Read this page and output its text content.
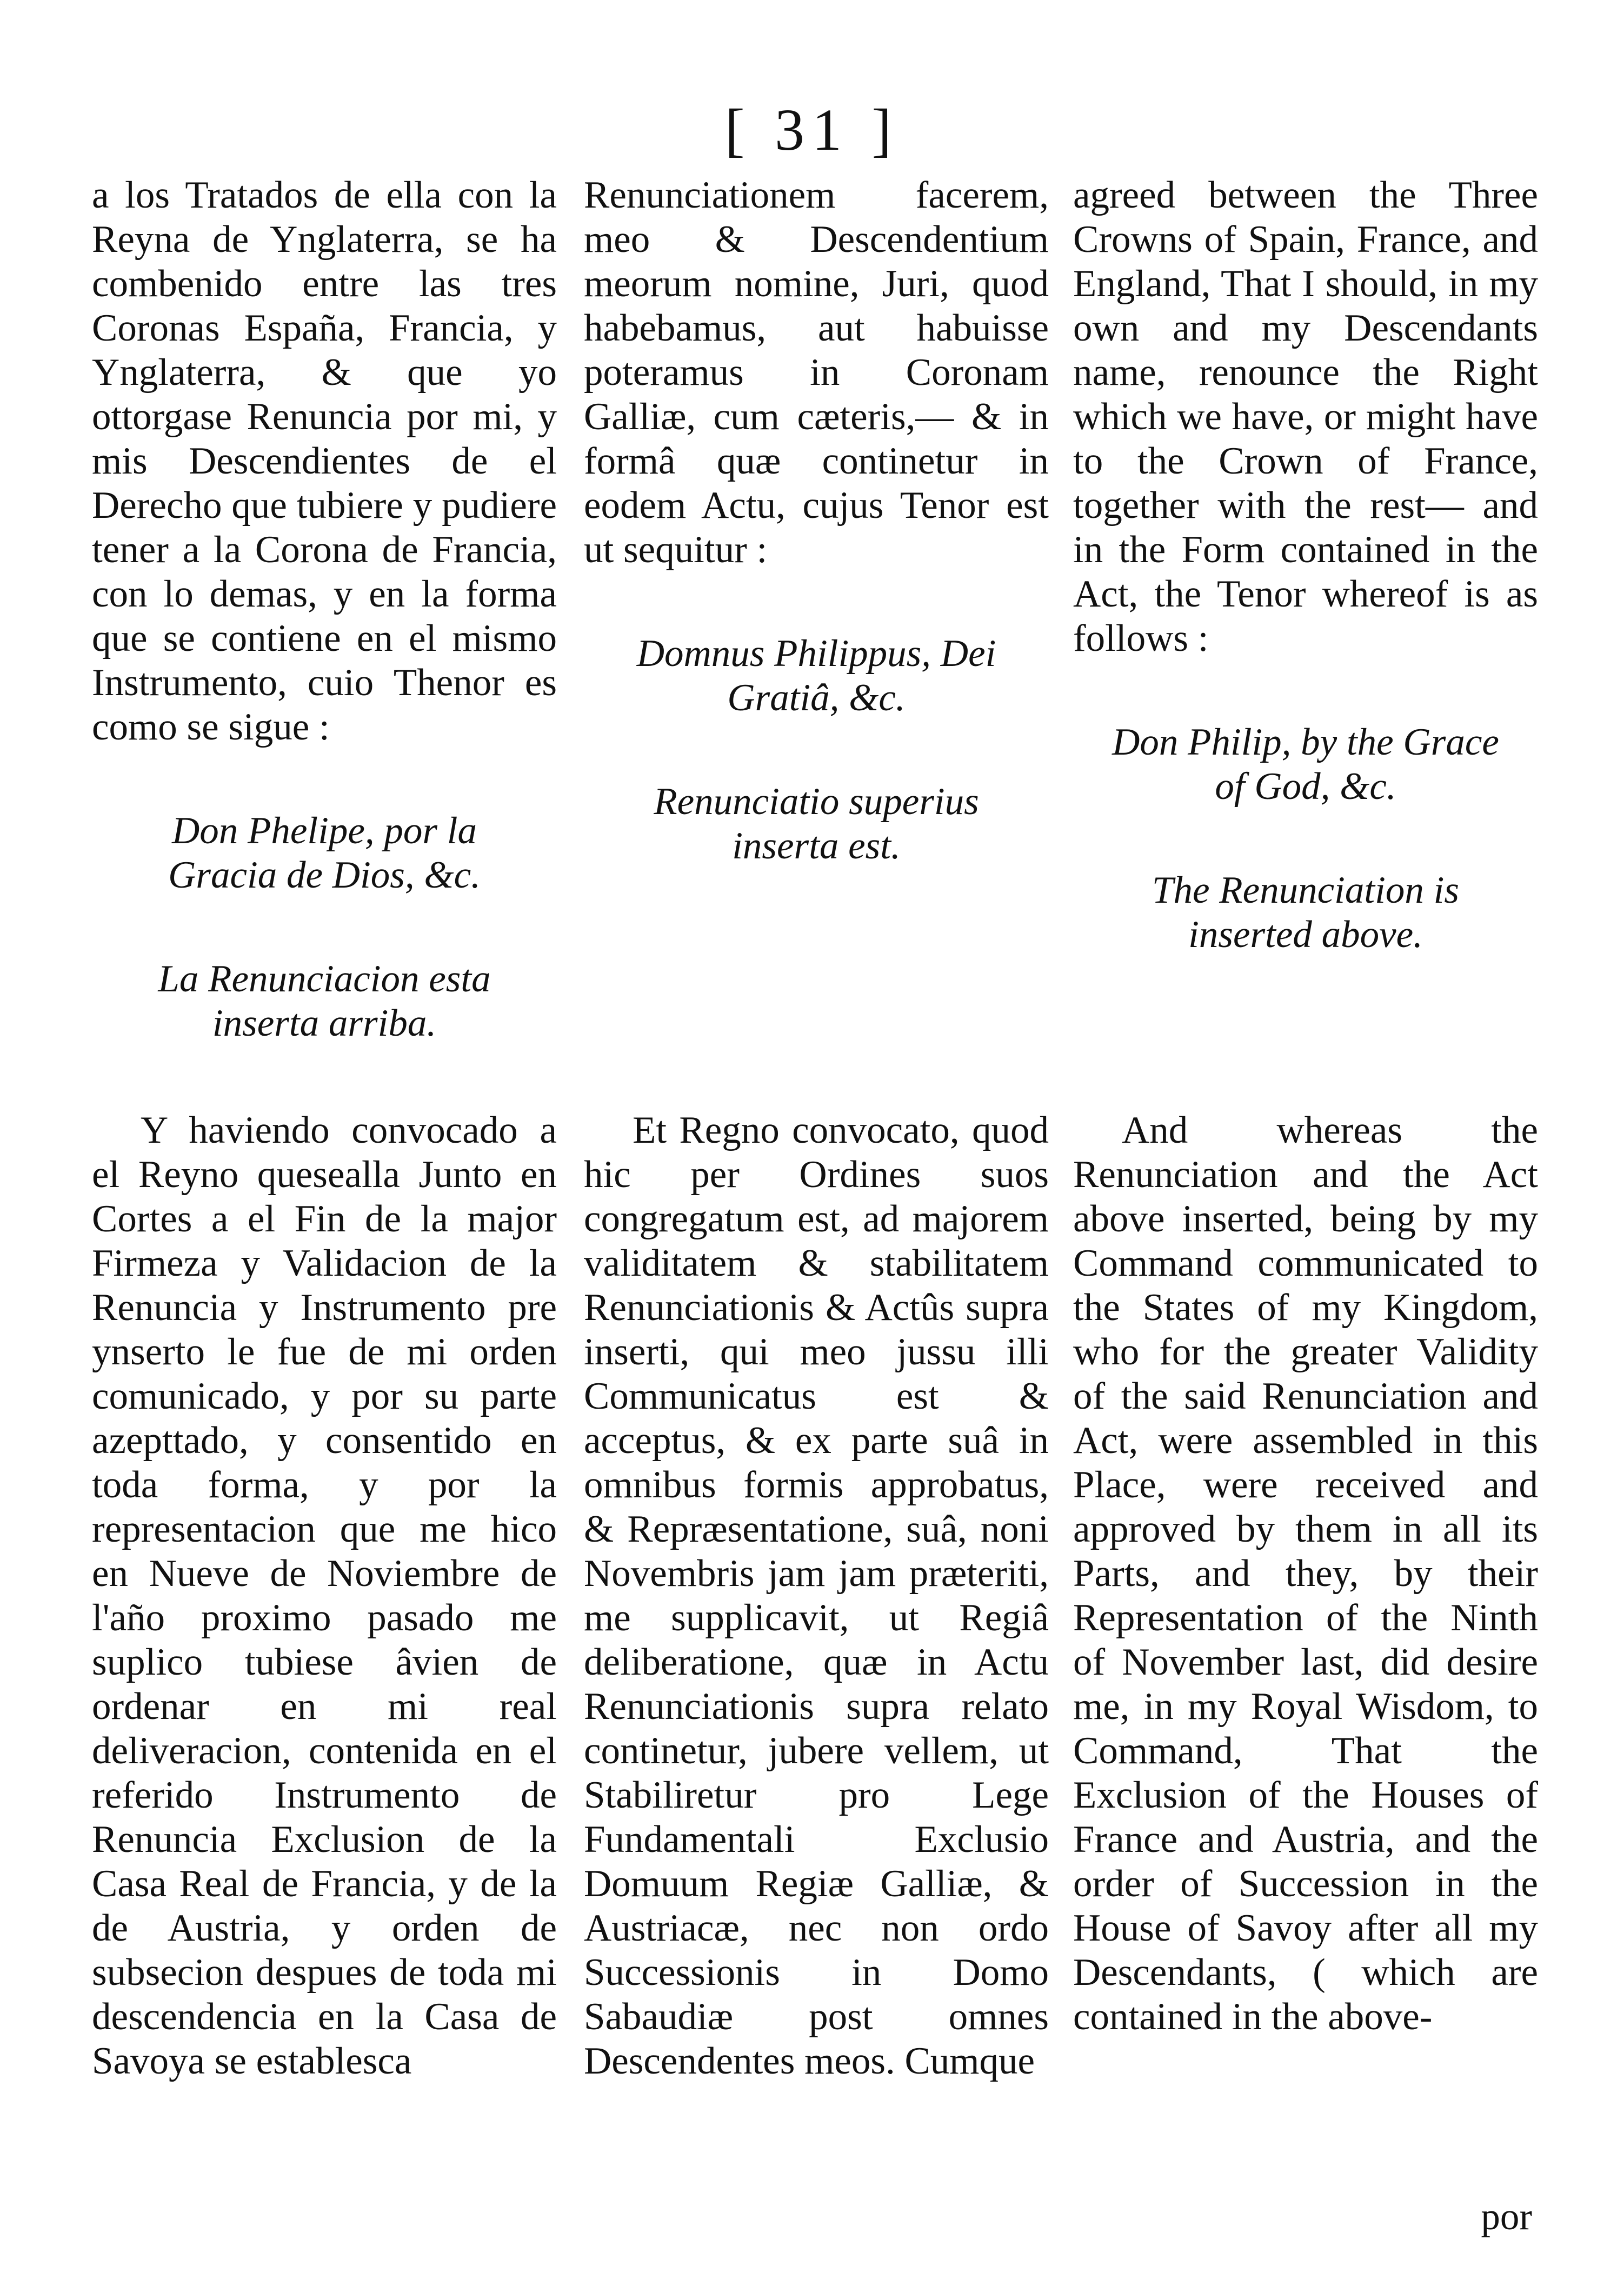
[ 31 ]

a los Tratados de ella con la Reyna de Ynglaterra, se ha combenido entre las tres Coronas España, Francia, y Ynglaterra, & que yo ottorgase Renuncia por mi, y mis Descendientes de el Derecho que tubiere y pudiere tener a la Corona de Francia, con lo demas, y en la forma que se contiene en el mismo Instrumento, cuio Thenor es como se sigue :

Don Phelipe, por la Gracia de Dios, &c.

La Renunciacion esta inserta arriba.

Y haviendo convocado a el Reyno quesealla Junto en Cortes a el Fin de la major Firmeza y Validacion de la Renuncia y Instrumento pre ynserto le fue de mi orden comunicado, y por su parte azepttado, y consentido en toda forma, y por la representacion que me hico en Nueve de Noviembre de l'año proximo pasado me suplico tubiese âvien de ordenar en mi real deliveracion, contenida en el referido Instrumento de Renuncia Exclusion de la Casa Real de Francia, y de la de Austria, y orden de subsecion despues de toda mi descendencia en la Casa de Savoya se establesca

Renunciationem facerem, meo & Descendentium meorum nomine, Juri, quod habebamus, aut habuisse poteramus in Coronam Galliæ, cum cæteris,— & in formâ quæ continetur in eodem Actu, cujus Tenor est ut sequitur :

Domnus Philippus, Dei Gratiâ, &c.

Renunciatio superius inserta est.

Et Regno convocato, quod hic per Ordines suos congregatum est, ad majorem validitatem & stabilitatem Renunciationis & Actûs supra inserti, qui meo jussu illi Communicatus est & acceptus, & ex parte suâ in omnibus formis approbatus, & Repræsentatione, suâ, noni Novembris jam jam præteriti, me supplicavit, ut Regiâ deliberatione, quæ in Actu Renunciationis supra relato continetur, jubere vellem, ut Stabiliretur pro Lege Fundamentali Exclusio Domuum Regiæ Galliæ, & Austriacæ, nec non ordo Successionis in Domo Sabaudiæ post omnes Descendentes meos. Cumque

agreed between the Three Crowns of Spain, France, and England, That I should, in my own and my Descendants name, renounce the Right which we have, or might have to the Crown of France, together with the rest— and in the Form contained in the Act, the Tenor whereof is as follows :

Don Philip, by the Grace of God, &c.

The Renunciation is inserted above.

And whereas the Renunciation and the Act above inserted, being by my Command communicated to the States of my Kingdom, who for the greater Validity of the said Renunciation and Act, were assembled in this Place, were received and approved by them in all its Parts, and they, by their Representation of the Ninth of November last, did desire me, in my Royal Wisdom, to Command, That the Exclusion of the Houses of France and Austria, and the order of Succession in the House of Savoy after all my Descendants, ( which are contained in the above-

por
